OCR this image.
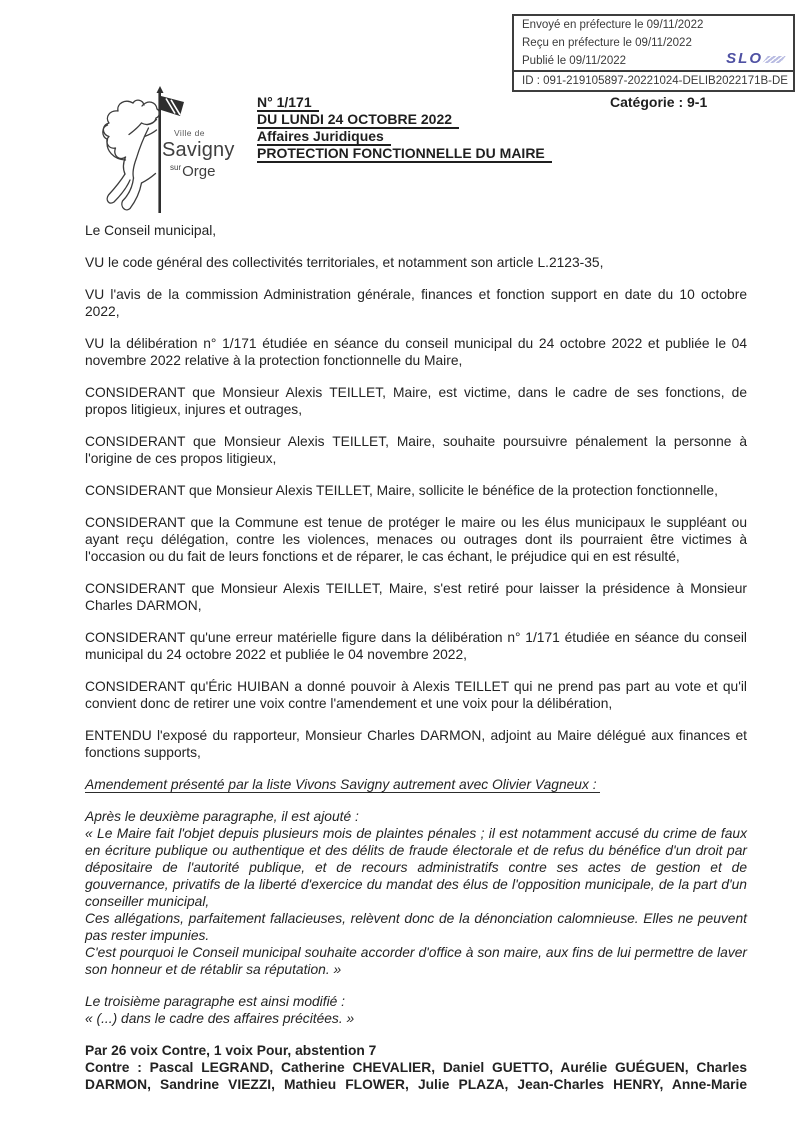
Envoyé en préfecture le 09/11/2022
Reçu en préfecture le 09/11/2022
Publié le 09/11/2022	SLO
ID : 091-219105897-20221024-DELIB2022171B-DE
Ville de
Savigny
$^{sur}$Orge
N° 1/171
DU LUNDI 24 OCTOBRE 2022
Affaires Juridiques
PROTECTION FONCTIONNELLE DU MAIRE
Catégorie : 9-1

Le Conseil municipal,

VU le code général des collectivités territoriales, et notamment son article L.2123-35,

VU l'avis de la commission Administration générale, finances et fonction support en date du 10 octobre 2022,

VU la délibération n° 1/171 étudiée en séance du conseil municipal du 24 octobre 2022 et publiée le 04 novembre 2022 relative à la protection fonctionnelle du Maire,

CONSIDERANT que Monsieur Alexis TEILLET, Maire, est victime, dans le cadre de ses fonctions, de propos litigieux, injures et outrages,

CONSIDERANT que Monsieur Alexis TEILLET, Maire, souhaite poursuivre pénalement la personne à l'origine de ces propos litigieux,

CONSIDERANT que Monsieur Alexis TEILLET, Maire, sollicite le bénéfice de la protection fonctionnelle,

CONSIDERANT que la Commune est tenue de protéger le maire ou les élus municipaux le suppléant ou ayant reçu délégation, contre les violences, menaces ou outrages dont ils pourraient être victimes à l'occasion ou du fait de leurs fonctions et de réparer, le cas échant, le préjudice qui en est résulté,

CONSIDERANT que Monsieur Alexis TEILLET, Maire, s'est retiré pour laisser la présidence à Monsieur Charles DARMON,

CONSIDERANT qu'une erreur matérielle figure dans la délibération n° 1/171 étudiée en séance du conseil municipal du 24 octobre 2022 et publiée le 04 novembre 2022,

CONSIDERANT qu'Éric HUIBAN a donné pouvoir à Alexis TEILLET qui ne prend pas part au vote et qu'il convient donc de retirer une voix contre l'amendement et une voix pour la délibération,

ENTENDU l'exposé du rapporteur, Monsieur Charles DARMON, adjoint au Maire délégué aux finances et fonctions supports,

Amendement présenté par la liste Vivons Savigny autrement avec Olivier Vagneux :

Après le deuxième paragraphe, il est ajouté :

« Le Maire fait l'objet depuis plusieurs mois de plaintes pénales ; il est notamment accusé du crime de faux en écriture publique ou authentique et des délits de fraude électorale et de refus du bénéfice d'un droit par dépositaire de l'autorité publique, et de recours administratifs contre ses actes de gestion et de gouvernance, privatifs de la liberté d'exercice du mandat des élus de l'opposition municipale, de la part d'un conseiller municipal,

Ces allégations, parfaitement fallacieuses, relèvent donc de la dénonciation calomnieuse. Elles ne peuvent pas rester impunies.

C'est pourquoi le Conseil municipal souhaite accorder d'office à son maire, aux fins de lui permettre de laver son honneur et de rétablir sa réputation. »

Le troisième paragraphe est ainsi modifié :

« (...) dans le cadre des affaires précitées. »

Par 26 voix Contre, 1 voix Pour, abstention 7

Contre : Pascal LEGRAND, Catherine CHEVALIER, Daniel GUETTO, Aurélie GUÉGUEN, Charles DARMON, Sandrine VIEZZI, Mathieu FLOWER, Julie PLAZA, Jean-Charles HENRY, Anne-Marie
